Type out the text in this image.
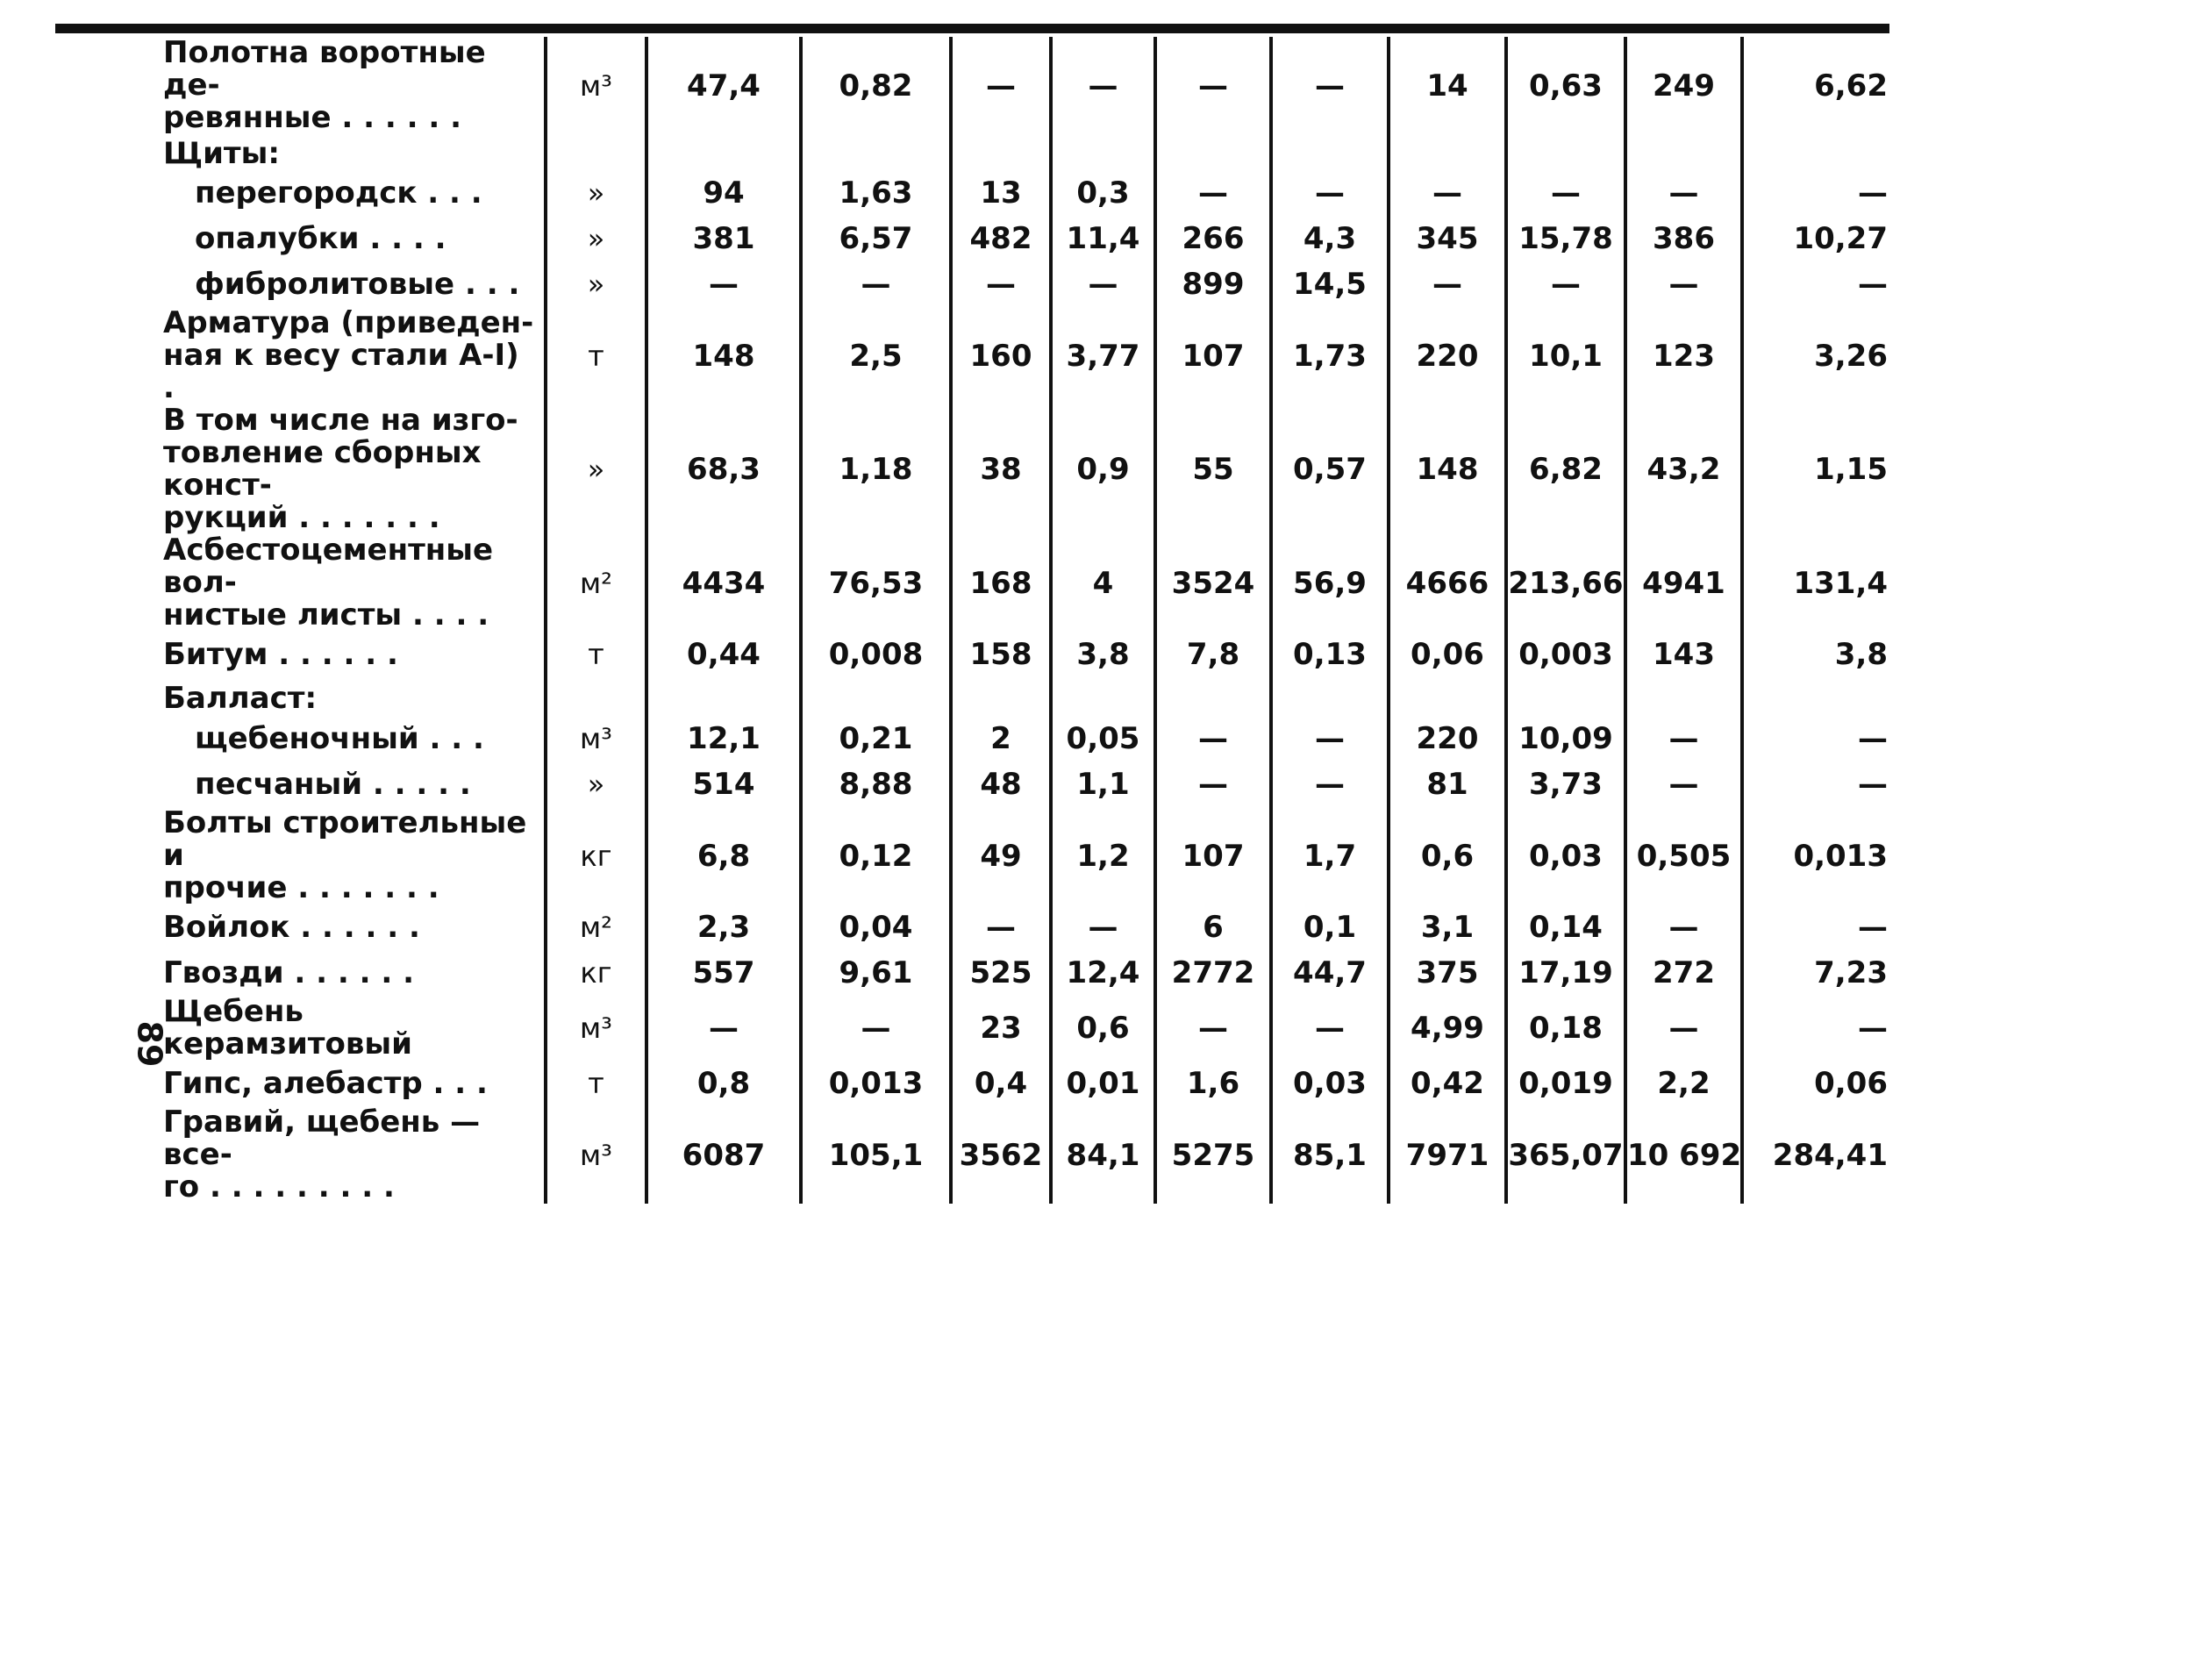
Полотна воротные де-
ревянные . . . . . .	м³	47,4	0,82	—	—	—	—	14	0,63	249	6,62

Щиты:											

перегородск . . .	»	94	1,63	13	0,3	—	—	—	—	—	—

опалубки . . . .	»	381	6,57	482	11,4	266	4,3	345	15,78	386	10,27

фибролитовые . . .	»	—	—	—	—	899	14,5	—	—	—	—

Арматура (приведен-
ная к весу стали А-I) .	т	148	2,5	160	3,77	107	1,73	220	10,1	123	3,26

В том числе на изго-
товление сборных конст-
рукций . . . . . . .	»	68,3	1,18	38	0,9	55	0,57	148	6,82	43,2	1,15

Асбестоцементные вол-
нистые листы . . . .	м²	4434	76,53	168	4	3524	56,9	4666	213,66	4941	131,4

Битум . . . . . .	т	0,44	0,008	158	3,8	7,8	0,13	0,06	0,003	143	3,8

Балласт:											

щебеночный . . .	м³	12,1	0,21	2	0,05	—	—	220	10,09	—	—

песчаный . . . . .	»	514	8,88	48	1,1	—	—	81	3,73	—	—

Болты строительные и
прочие . . . . . . .	кг	6,8	0,12	49	1,2	107	1,7	0,6	0,03	0,505	0,013

Войлок . . . . . .	м²	2,3	0,04	—	—	6	0,1	3,1	0,14	—	—

Гвозди . . . . . .	кг	557	9,61	525	12,4	2772	44,7	375	17,19	272	7,23

Щебень керамзитовый	м³	—	—	23	0,6	—	—	4,99	0,18	—	—

Гипс, алебастр . . .	т	0,8	0,013	0,4	0,01	1,6	0,03	0,42	0,019	2,2	0,06

Гравий, щебень — все-
го . . . . . . . . .	м³	6087	105,1	3562	84,1	5275	85,1	7971	365,07	10 692	284,41
89
